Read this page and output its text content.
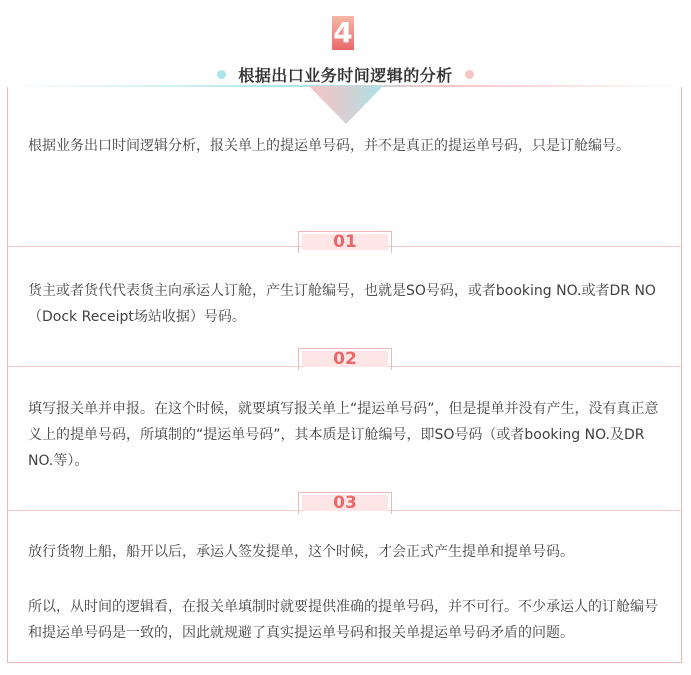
4
根据出口业务时间逻辑的分析

根据业务出口时间逻辑分析，报关单上的提运单号码，并不是真正的提运单号码，只是订舱编号。

01

货主或者货代代表货主向承运人订舱，产生订舱编号，也就是SO号码，或者booking NO.或者DR NO（Dock Receipt场站收据）号码。

02

填写报关单并申报。在这个时候，就要填写报关单上“提运单号码”，但是提单并没有产生，没有真正意义上的提单号码，所填制的“提运单号码”，其本质是订舱编号，即SO号码（或者booking NO.及DR NO.等）。

03

放行货物上船，船开以后，承运人签发提单，这个时候，才会正式产生提单和提单号码。

所以，从时间的逻辑看，在报关单填制时就要提供准确的提单号码，并不可行。不少承运人的订舱编号和提运单号码是一致的，因此就规避了真实提运单号码和报关单提运单号码矛盾的问题。
